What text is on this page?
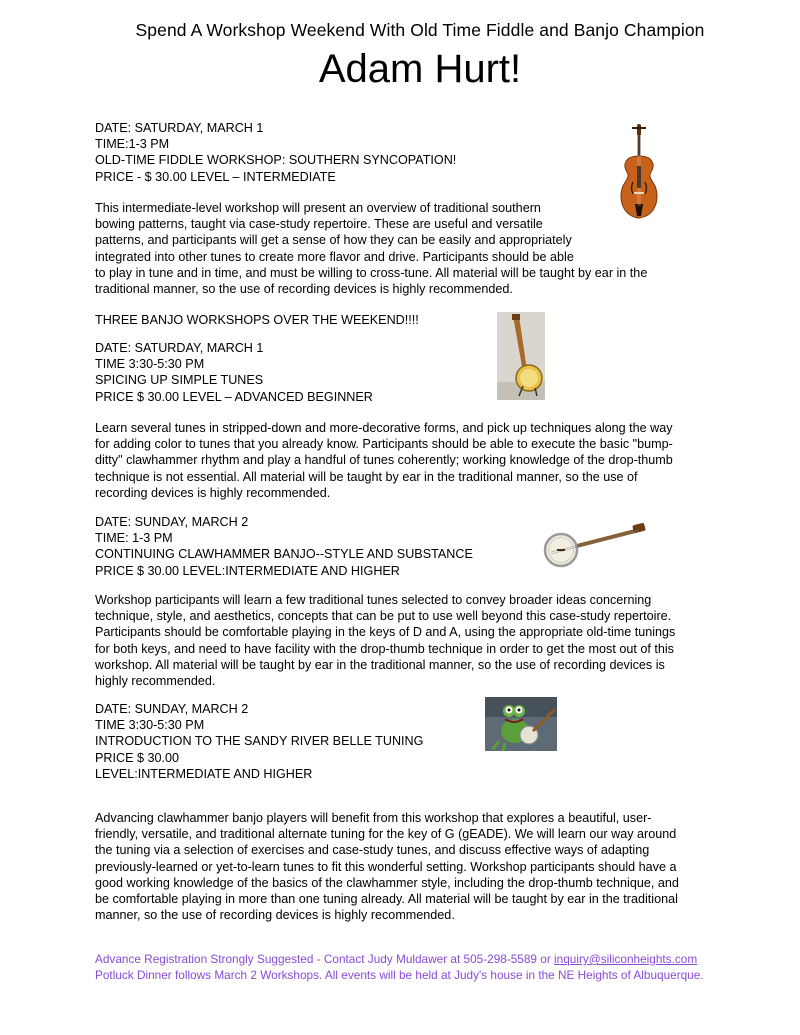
Spend A Workshop Weekend With Old Time Fiddle and Banjo Champion
Adam Hurt!
DATE: SATURDAY, MARCH 1
TIME:1-3 PM
OLD-TIME FIDDLE WORKSHOP: SOUTHERN SYNCOPATION!
PRICE - $ 30.00 LEVEL – INTERMEDIATE
This intermediate-level workshop will present an overview of traditional southern
bowing patterns, taught via case-study repertoire. These are useful and versatile
patterns, and participants will get a sense of how they can be easily and appropriately
integrated into other tunes to create more flavor and drive. Participants should be able
to play in tune and in time, and must be willing to cross-tune. All material will be taught by ear in the
traditional manner, so the use of recording devices is highly recommended.
THREE BANJO WORKSHOPS OVER THE WEEKEND!!!!
DATE: SATURDAY, MARCH 1
TIME 3:30-5:30 PM
SPICING UP SIMPLE TUNES
PRICE $ 30.00 LEVEL – ADVANCED BEGINNER
Learn several tunes in stripped-down and more-decorative forms, and pick up techniques along the way
for adding color to tunes that you already know. Participants should be able to execute the basic "bump-
ditty" clawhammer rhythm and play a handful of tunes coherently; working knowledge of the drop-thumb
technique is not essential. All material will be taught by ear in the traditional manner, so the use of
recording devices is highly recommended.
DATE: SUNDAY, MARCH 2
TIME: 1-3 PM
CONTINUING CLAWHAMMER BANJO--STYLE AND SUBSTANCE
PRICE $ 30.00 LEVEL:INTERMEDIATE AND HIGHER
Workshop participants will learn a few traditional tunes selected to convey broader ideas concerning
technique, style, and aesthetics, concepts that can be put to use well beyond this case-study repertoire.
Participants should be comfortable playing in the keys of D and A, using the appropriate old-time tunings
for both keys, and need to have facility with the drop-thumb technique in order to get the most out of this
workshop. All material will be taught by ear in the traditional manner, so the use of recording devices is
highly recommended.
DATE: SUNDAY, MARCH 2
TIME 3:30-5:30 PM
INTRODUCTION TO THE SANDY RIVER BELLE TUNING
PRICE $ 30.00
LEVEL:INTERMEDIATE AND HIGHER
Advancing clawhammer banjo players will benefit from this workshop that explores a beautiful, user-
friendly, versatile, and traditional alternate tuning for the key of G (gEADE). We will learn our way around
the tuning via a selection of exercises and case-study tunes, and discuss effective ways of adapting
previously-learned or yet-to-learn tunes to fit this wonderful setting. Workshop participants should have a
good working knowledge of the basics of the clawhammer style, including the drop-thumb technique, and
be comfortable playing in more than one tuning already. All material will be taught by ear in the traditional
manner, so the use of recording devices is highly recommended.
Advance Registration Strongly Suggested - Contact Judy Muldawer at 505-298-5589 or inquiry@siliconheights.com
Potluck Dinner follows March 2 Workshops. All events will be held at Judy's house in the NE Heights of Albuquerque.
